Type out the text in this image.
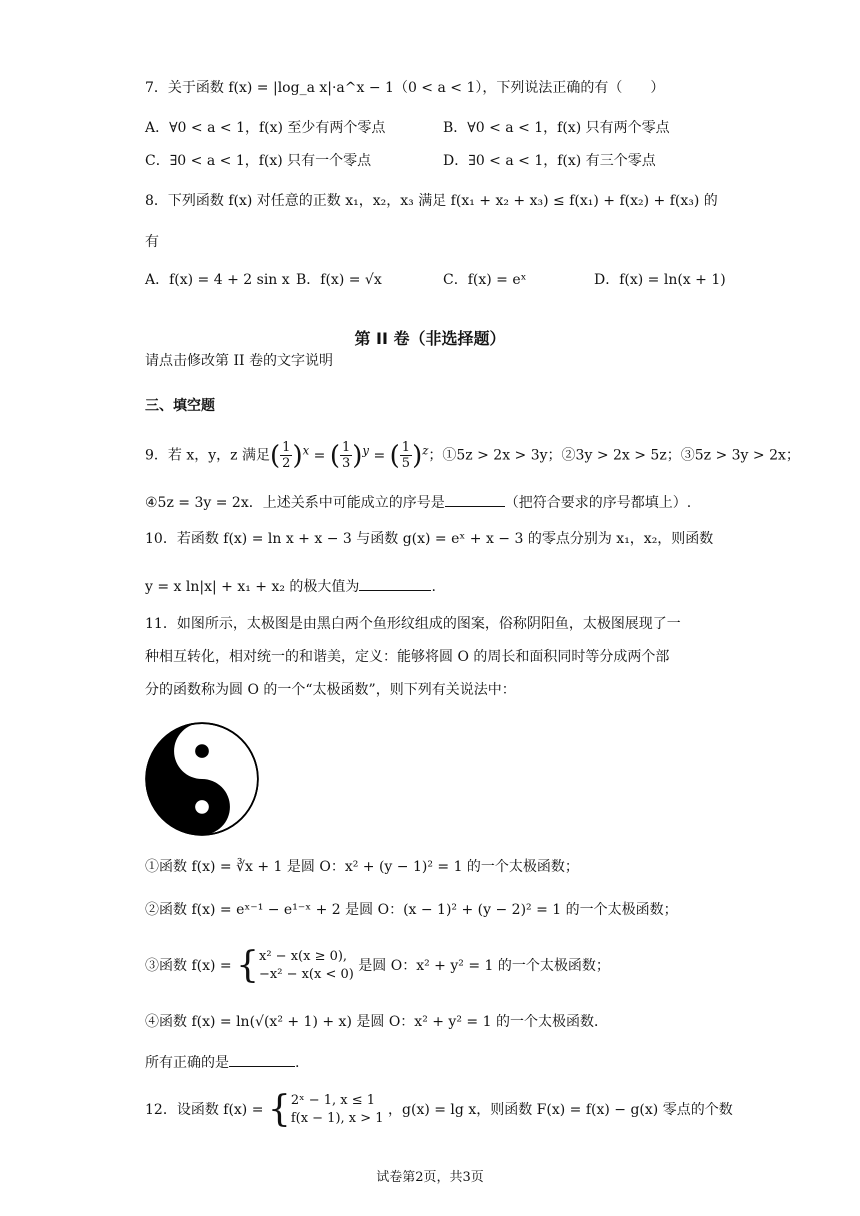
7．关于函数 f(x) = |log_a x|·a^x − 1（0 < a < 1），下列说法正确的有（　　）
A．∀0 < a < 1，f(x) 至少有两个零点	B．∀0 < a < 1，f(x) 只有两个零点
C．∃0 < a < 1，f(x) 只有一个零点	D．∃0 < a < 1，f(x) 有三个零点
8．下列函数 f(x) 对任意的正数 x₁，x₂，x₃ 满足 f(x₁ + x₂ + x₃) ≤ f(x₁) + f(x₂) + f(x₃) 的
有
A．f(x) = 4 + 2 sin x B．f(x) = √x	C．f(x) = eˣ	D．f(x) = ln(x + 1)
第 II 卷（非选择题）
请点击修改第 II 卷的文字说明
三、填空题
9．若 x，y，z 满足( $\frac{1}{2} )^x$ = ( $\frac{1}{3} )^y$ = ( $\frac{1}{5} )^z$；①5z > 2x > 3y；②3y > 2x > 5z；③5z > 3y > 2x；
④5z = 3y = 2x．上述关系中可能成立的序号是	（把符合要求的序号都填上）.
10．若函数 f(x) = ln x + x − 3 与函数 g(x) = eˣ + x − 3 的零点分别为 x₁，x₂，则函数
y = x ln|x| + x₁ + x₂ 的极大值为	.
11．如图所示，太极图是由黑白两个鱼形纹组成的图案，俗称阴阳鱼，太极图展现了一
种相互转化，相对统一的和谐美，定义：能够将圆 O 的周长和面积同时等分成两个部
分的函数称为圆 O 的一个“太极函数”，则下列有关说法中：
①函数 f(x) = ∛x + 1 是圆 O：x² + (y − 1)² = 1 的一个太极函数；
②函数 f(x) = eˣ⁻¹ − e¹⁻ˣ + 2 是圆 O：(x − 1)² + (y − 2)² = 1 的一个太极函数；
③函数 f(x) = { x² − x(x ≥ 0),
−x² − x(x < 0)
是圆 O：x² + y² = 1 的一个太极函数；
④函数 f(x) = ln(√(x² + 1) + x) 是圆 O：x² + y² = 1 的一个太极函数．
所有正确的是	.
12．设函数 f(x) = { 2ˣ − 1, x ≤ 1
f(x − 1), x > 1
，g(x) = lg x，则函数 F(x) = f(x) − g(x) 零点的个数
试卷第2页，共3页
